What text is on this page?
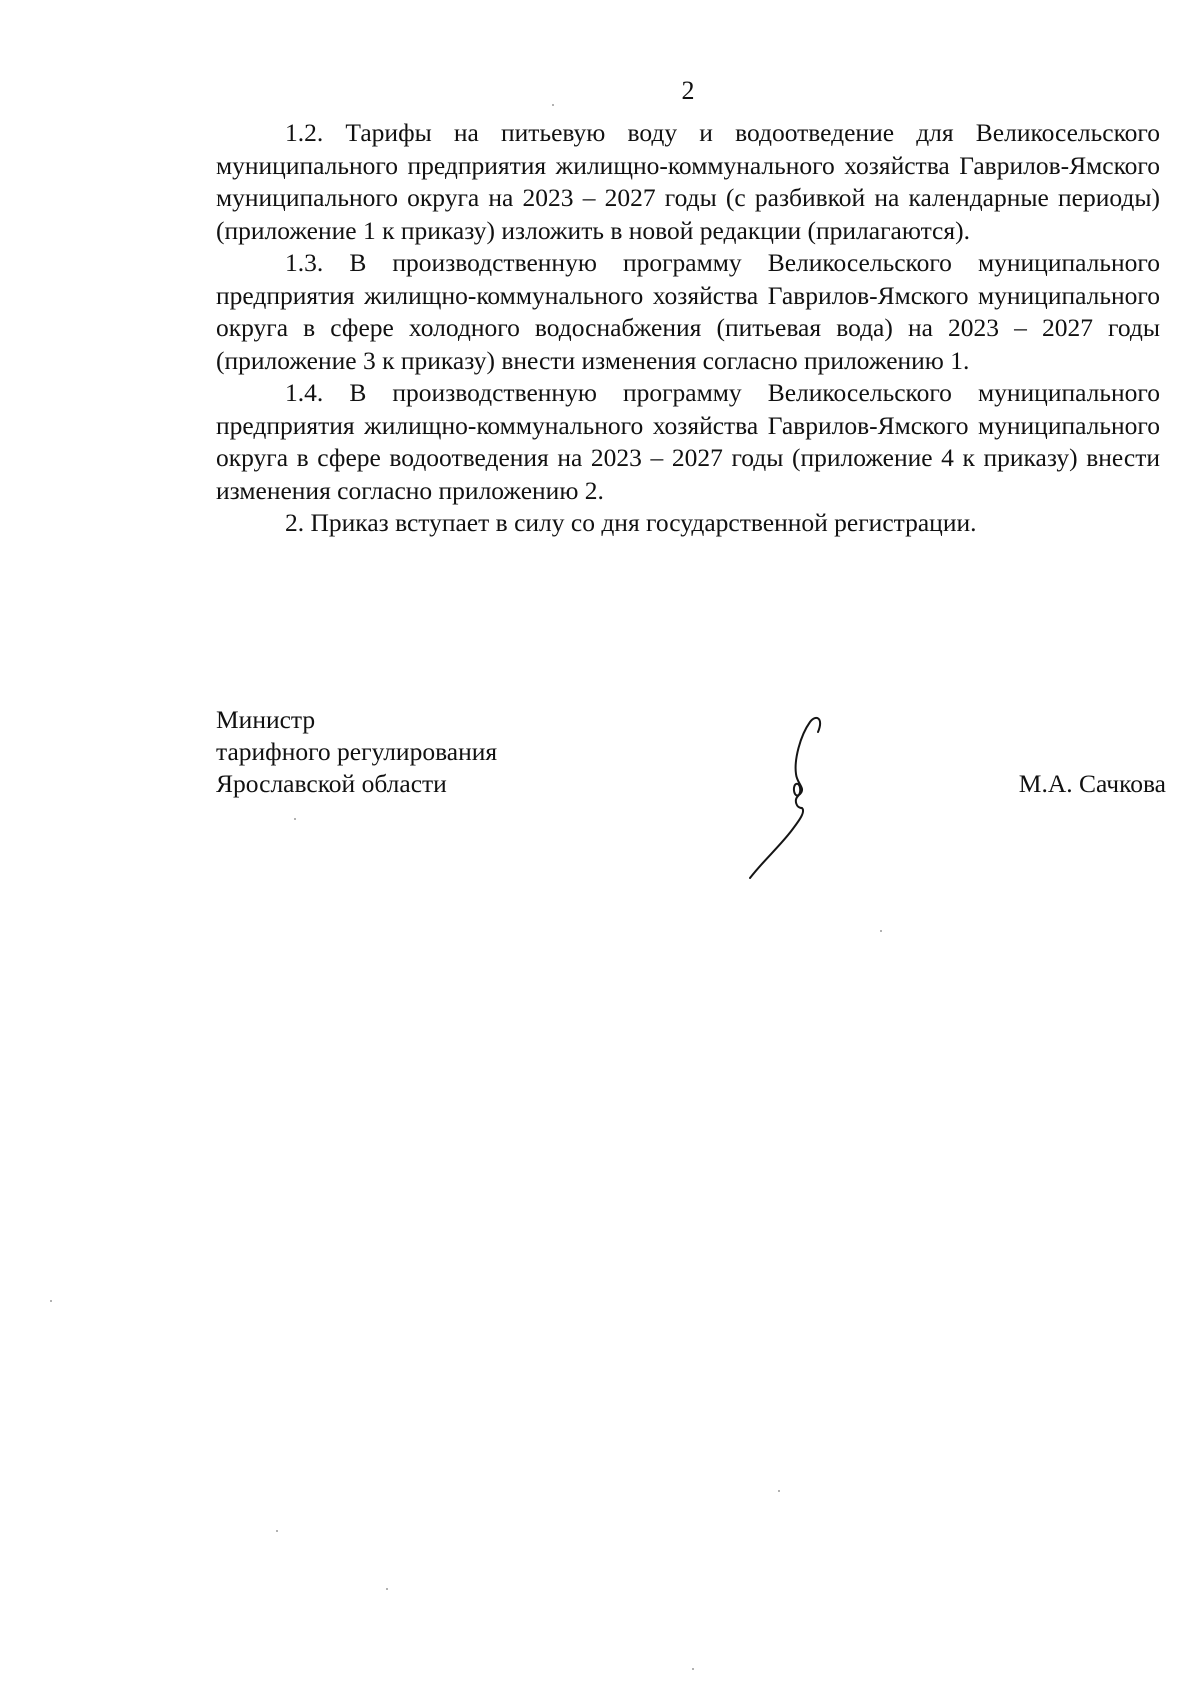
2

1.2. Тарифы на питьевую воду и водоотведение для Великосельского муниципального предприятия жилищно-коммунального хозяйства Гаврилов-Ямского муниципального округа на 2023 – 2027 годы (с разбивкой на календарные периоды) (приложение 1 к приказу) изложить в новой редакции (прилагаются).

1.3. В производственную программу Великосельского муниципального предприятия жилищно-коммунального хозяйства Гаврилов-Ямского муниципального округа в сфере холодного водоснабжения (питьевая вода) на 2023 – 2027 годы (приложение 3 к приказу) внести изменения согласно приложению 1.

1.4. В производственную программу Великосельского муниципального предприятия жилищно-коммунального хозяйства Гаврилов-Ямского муниципального округа в сфере водоотведения на 2023 – 2027 годы (приложение 4 к приказу) внести изменения согласно приложению 2.

2. Приказ вступает в силу со дня государственной регистрации.

Министр
тарифного регулирования
Ярославской области	М.А. Сачкова
